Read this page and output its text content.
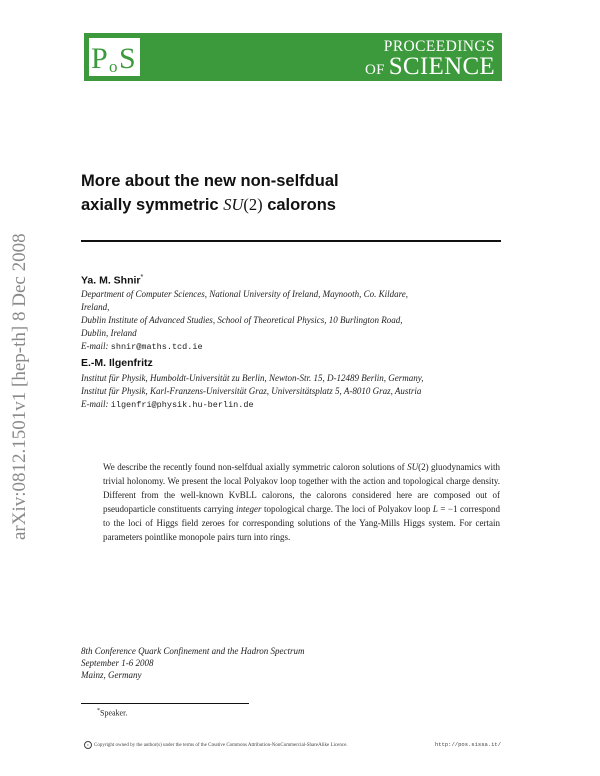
P o S	PROCEEDINGS
OF SCIENCE
arXiv:0812.1501v1 [hep-th] 8 Dec 2008
More about the new non-selfdual
axially symmetric SU(2) calorons
Ya. M. Shnir*
Department of Computer Sciences, National University of Ireland, Maynooth, Co. Kildare,
Ireland,
Dublin Institute of Advanced Studies, School of Theoretical Physics, 10 Burlington Road,
Dublin, Ireland
E-mail: shnir@maths.tcd.ie
E.-M. Ilgenfritz
Institut für Physik, Humboldt-Universität zu Berlin, Newton-Str. 15, D-12489 Berlin, Germany,
Institut für Physik, Karl-Franzens-Universität Graz, Universitätsplatz 5, A-8010 Graz, Austria
E-mail: ilgenfri@physik.hu-berlin.de
We describe the recently found non-selfdual axially symmetric caloron solutions of SU(2) gluodynamics with trivial holonomy. We present the local Polyakov loop together with the action and topological charge density. Different from the well-known KvBLL calorons, the calorons considered here are composed out of pseudoparticle constituents carrying integer topological charge. The loci of Polyakov loop L = −1 correspond to the loci of Higgs field zeroes for corresponding solutions of the Yang-Mills Higgs system. For certain parameters pointlike monopole pairs turn into rings.
8th Conference Quark Confinement and the Hadron Spectrum
September 1-6 2008
Mainz, Germany
*Speaker.
c Copyright owned by the author(s) under the terms of the Creative Commons Attribution-NonCommercial-ShareAlike Licence.	http://pos.sissa.it/
